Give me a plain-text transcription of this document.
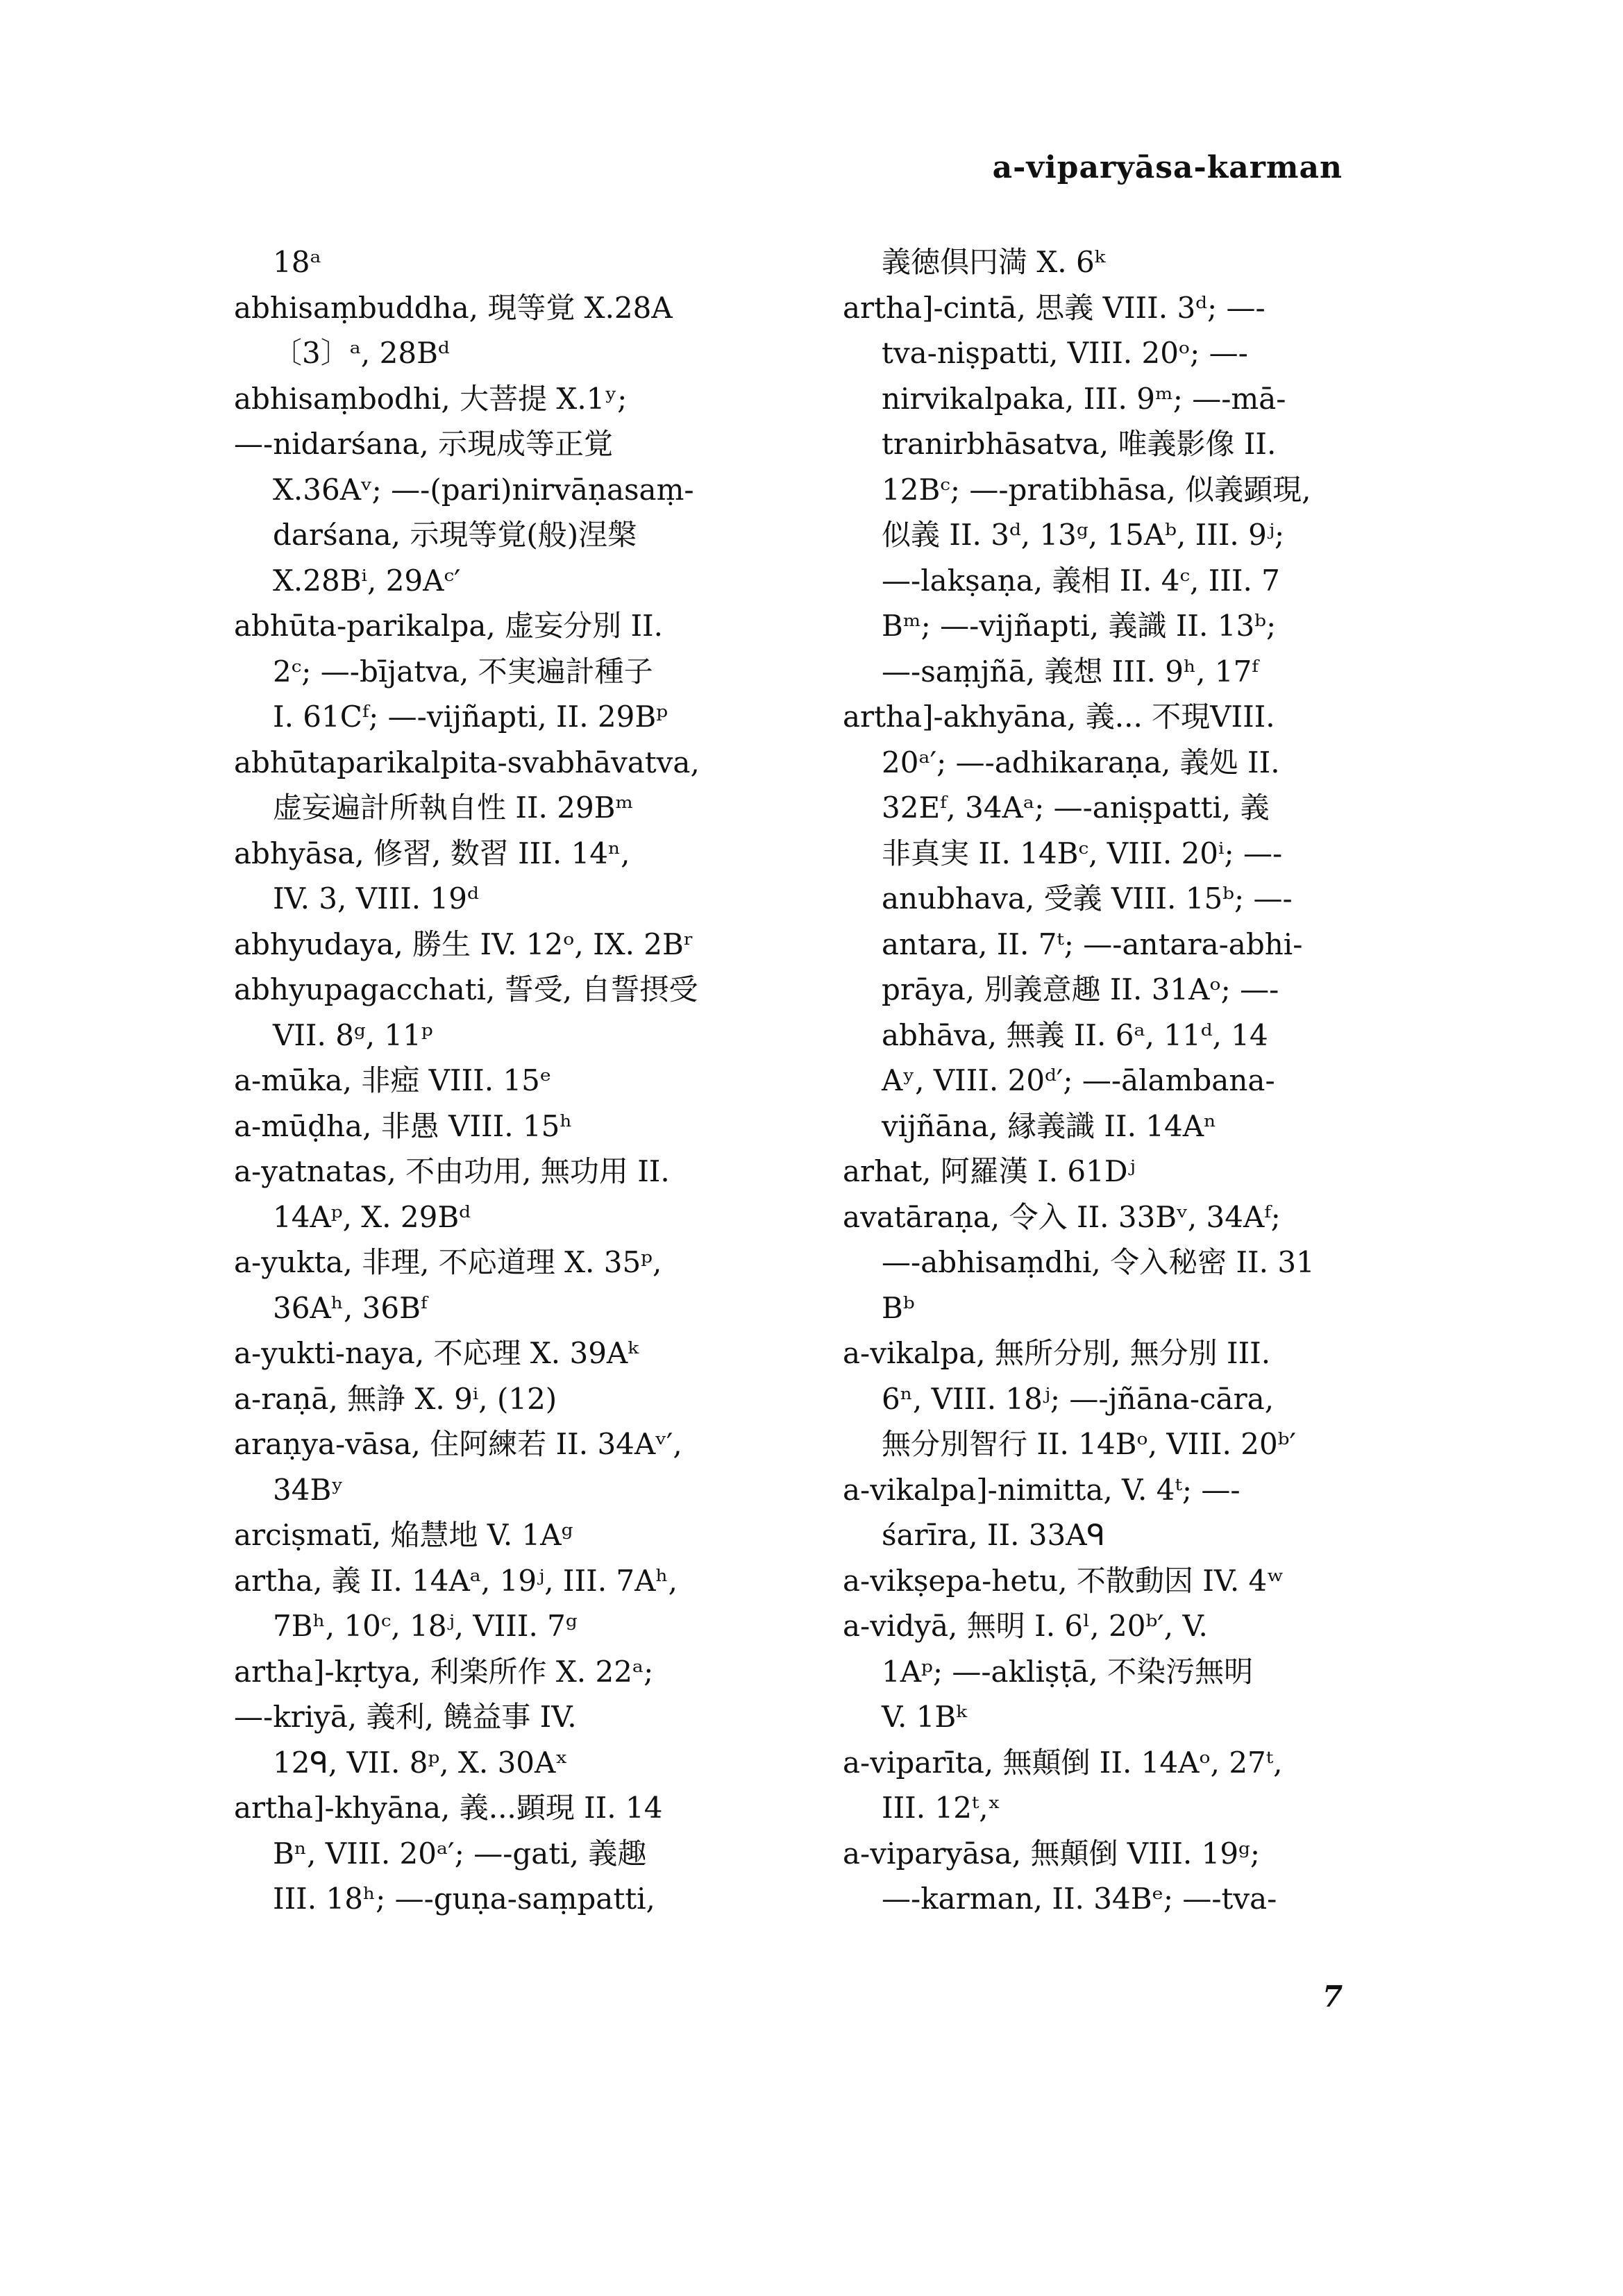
a-viparyāsa-karman
18ᵃ
abhisaṃbuddha, 現等覚 X.28A
〔3〕ᵃ, 28Bᵈ
abhisaṃbodhi, 大菩提 X.1ʸ;
—-nidarśana, 示現成等正覚
X.36Aᵛ; —-(pari)nirvāṇasaṃ-
darśana, 示現等覚(般)涅槃
X.28Bⁱ, 29Aᶜ′
abhūta-parikalpa, 虚妄分別 II.
2ᶜ; —-bījatva, 不実遍計種子
I. 61Cᶠ; —-vijñapti, II. 29Bᵖ
abhūtaparikalpita-svabhāvatva,
虚妄遍計所執自性 II. 29Bᵐ
abhyāsa, 修習, 数習 III. 14ⁿ,
IV. 3, VIII. 19ᵈ
abhyudaya, 勝生 IV. 12ᵒ, IX. 2Bʳ
abhyupagacchati, 誓受, 自誓摂受
VII. 8ᵍ, 11ᵖ
a-mūka, 非瘂 VIII. 15ᵉ
a-mūḍha, 非愚 VIII. 15ʰ
a-yatnatas, 不由功用, 無功用 II.
14Aᵖ, X. 29Bᵈ
a-yukta, 非理, 不応道理 X. 35ᵖ,
36Aʰ, 36Bᶠ
a-yukti-naya, 不応理 X. 39Aᵏ
a-raṇā, 無諍 X. 9ⁱ, (12)
araṇya-vāsa, 住阿練若 II. 34Aᵛ′,
34Bʸ
arciṣmatī, 焔慧地 V. 1Aᵍ
artha, 義 II. 14Aᵃ, 19ʲ, III. 7Aʰ,
7Bʰ, 10ᶜ, 18ʲ, VIII. 7ᵍ
artha]-kṛtya, 利楽所作 X. 22ᵃ;
—-kriyā, 義利, 饒益事 IV.
12ᑫ, VII. 8ᵖ, X. 30Aˣ
artha]-khyāna, 義...顕現 II. 14
Bⁿ, VIII. 20ᵃ′; —-gati, 義趣
III. 18ʰ; —-guṇa-saṃpatti,
義徳倶円満 X. 6ᵏ
artha]-cintā, 思義 VIII. 3ᵈ; —-
tva-niṣpatti, VIII. 20ᵒ; —-
nirvikalpaka, III. 9ᵐ; —-mā-
tranirbhāsatva, 唯義影像 II.
12Bᶜ; —-pratibhāsa, 似義顕現,
似義 II. 3ᵈ, 13ᵍ, 15Aᵇ, III. 9ʲ;
—-lakṣaṇa, 義相 II. 4ᶜ, III. 7
Bᵐ; —-vijñapti, 義識 II. 13ᵇ;
—-saṃjñā, 義想 III. 9ʰ, 17ᶠ
artha]-akhyāna, 義... 不現VIII.
20ᵃ′; —-adhikaraṇa, 義処 II.
32Eᶠ, 34Aᵃ; —-aniṣpatti, 義
非真実 II. 14Bᶜ, VIII. 20ⁱ; —-
anubhava, 受義 VIII. 15ᵇ; —-
antara, II. 7ᵗ; —-antara-abhi-
prāya, 別義意趣 II. 31Aᵒ; —-
abhāva, 無義 II. 6ᵃ, 11ᵈ, 14
Aʸ, VIII. 20ᵈ′; —-ālambana-
vijñāna, 縁義識 II. 14Aⁿ
arhat, 阿羅漢 I. 61Dʲ
avatāraṇa, 令入 II. 33Bᵛ, 34Aᶠ;
—-abhisaṃdhi, 令入秘密 II. 31
Bᵇ
a-vikalpa, 無所分別, 無分別 III.
6ⁿ, VIII. 18ʲ; —-jñāna-cāra,
無分別智行 II. 14Bᵒ, VIII. 20ᵇ′
a-vikalpa]-nimitta, V. 4ᵗ; —-
śarīra, II. 33Aᑫ
a-vikṣepa-hetu, 不散動因 IV. 4ʷ
a-vidyā, 無明 I. 6ˡ, 20ᵇ′, V.
1Aᵖ; —-akliṣṭā, 不染汚無明
V. 1Bᵏ
a-viparīta, 無顛倒 II. 14Aᵒ, 27ᵗ,
III. 12ᵗ,ˣ
a-viparyāsa, 無顛倒 VIII. 19ᵍ;
—-karman, II. 34Bᵉ; —-tva-
7
